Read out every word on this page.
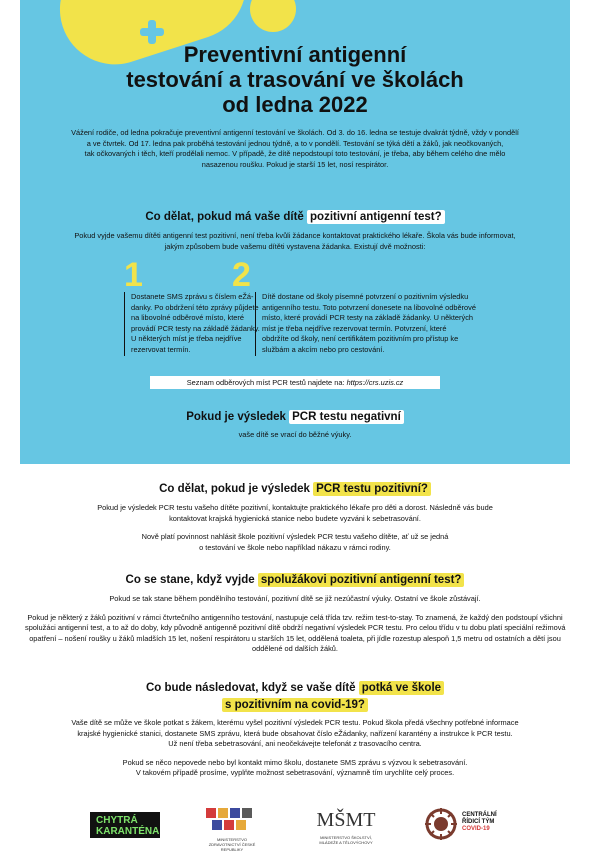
Preventivní antigenní
testování a trasování ve školách
od ledna 2022
Vážení rodiče, od ledna pokračuje preventivní antigenní testování ve školách. Od 3. do 16. ledna se testuje dvakrát týdně, vždy v pondělí
a ve čtvrtek. Od 17. ledna pak proběhá testování jednou týdně, a to v pondělí. Testování se týká dětí a žáků, jak neočkovaných,
tak očkovaných i těch, kteří prodělali nemoc. V případě, že dítě nepodstoupí toto testování, je třeba, aby během celého dne mělo
nasazenou roušku. Pokud je starší 15 let, nosí respirátor.
Co dělat, pokud má vaše dítě pozitivní antigenní test?
Pokud vyjde vašemu dítěti antigenní test pozitivní, není třeba kvůli žádance kontaktovat praktického lékaře. Škola vás bude informovat,
jakým způsobem bude vašemu dítěti vystavena žádanka. Existují dvě možnosti:
1
Dostanete SMS zprávu s číslem eŽá-
danky. Po obdržení této zprávy půjdete
na libovolné odběrové místo, které
provádí PCR testy na základě žádanky.
U některých míst je třeba nejdříve
rezervovat termín.
2
Dítě dostane od školy písemné potvrzení o pozitivním výsledku
antigenního testu. Toto potvrzení donesete na libovolné odběrové
místo, které provádí PCR testy na základě žádanky. U některých
míst je třeba nejdříve rezervovat termín. Potvrzení, které
obdržíte od školy, není certifikátem pozitivním pro přístup ke
službám a akcím nebo pro cestování.
Seznam odběrových míst PCR testů najdete na: https://crs.uzis.cz
Pokud je výsledek PCR testu negativní
vaše dítě se vrací do běžné výuky.
Co dělat, pokud je výsledek PCR testu pozitivní?
Pokud je výsledek PCR testu vašeho dítěte pozitivní, kontaktujte praktického lékaře pro děti a dorost. Následně vás bude
kontaktovat krajská hygienická stanice nebo budete vyzváni k sebetrasování.
Nově platí povinnost nahlásit škole pozitivní výsledek PCR testu vašeho dítěte, ať už se jedná
o testování ve škole nebo například nákazu v rámci rodiny.
Co se stane, když vyjde spolužákovi pozitivní antigenní test?
Pokud se tak stane během pondělního testování, pozitivní dítě se již nezúčastní výuky. Ostatní ve škole zůstávají.
Pokud je některý z žáků pozitivní v rámci čtvrtečního antigenního testování, nastupuje celá třída tzv. režim test-to-stay. To znamená, že každý den podstoupí všichni
spolužáci antigenní test, a to až do doby, kdy původně antigenně pozitivní dítě obdrží negativní výsledek PCR testu. Pro celou třídu v tu dobu platí speciální režimová
opatření – nošení roušky u žáků mladších 15 let, nošení respirátoru u starších 15 let, oddělená toaleta, při jídle rozestup alespoň 1,5 metru od ostatních a dětí jsou
oddělené od dalších žáků.
Co bude následovat, když se vaše dítě potká ve škole
s pozitivním na covid-19?
Vaše dítě se může ve škole potkat s žákem, kterému vyšel pozitivní výsledek PCR testu. Pokud škola předá všechny potřebné informace
krajské hygienické stanici, dostanete SMS zprávu, která bude obsahovat číslo eŽádanky, nařízení karantény a instrukce k PCR testu.
Už není třeba sebetrasování, ani neočekávejte telefonát z trasovacího centra.
Pokud se něco nepovede nebo byl kontakt mimo školu, dostanete SMS zprávu s výzvou k sebetrasování.
V takovém případě prosíme, vyplňte možnost sebetrasování, významně tím urychlíte celý proces.
CHYTRÁ
KARANTÉNA
MINISTERSTVO ZDRAVOTNICTVÍ ČESKÉ REPUBLIKY
MŠMT
MINISTERSTVO ŠKOLSTVÍ, MLÁDEŽE A TĚLOVÝCHOVY
CENTRÁLNÍ
ŘÍDICÍ TÝM
COVID-19
